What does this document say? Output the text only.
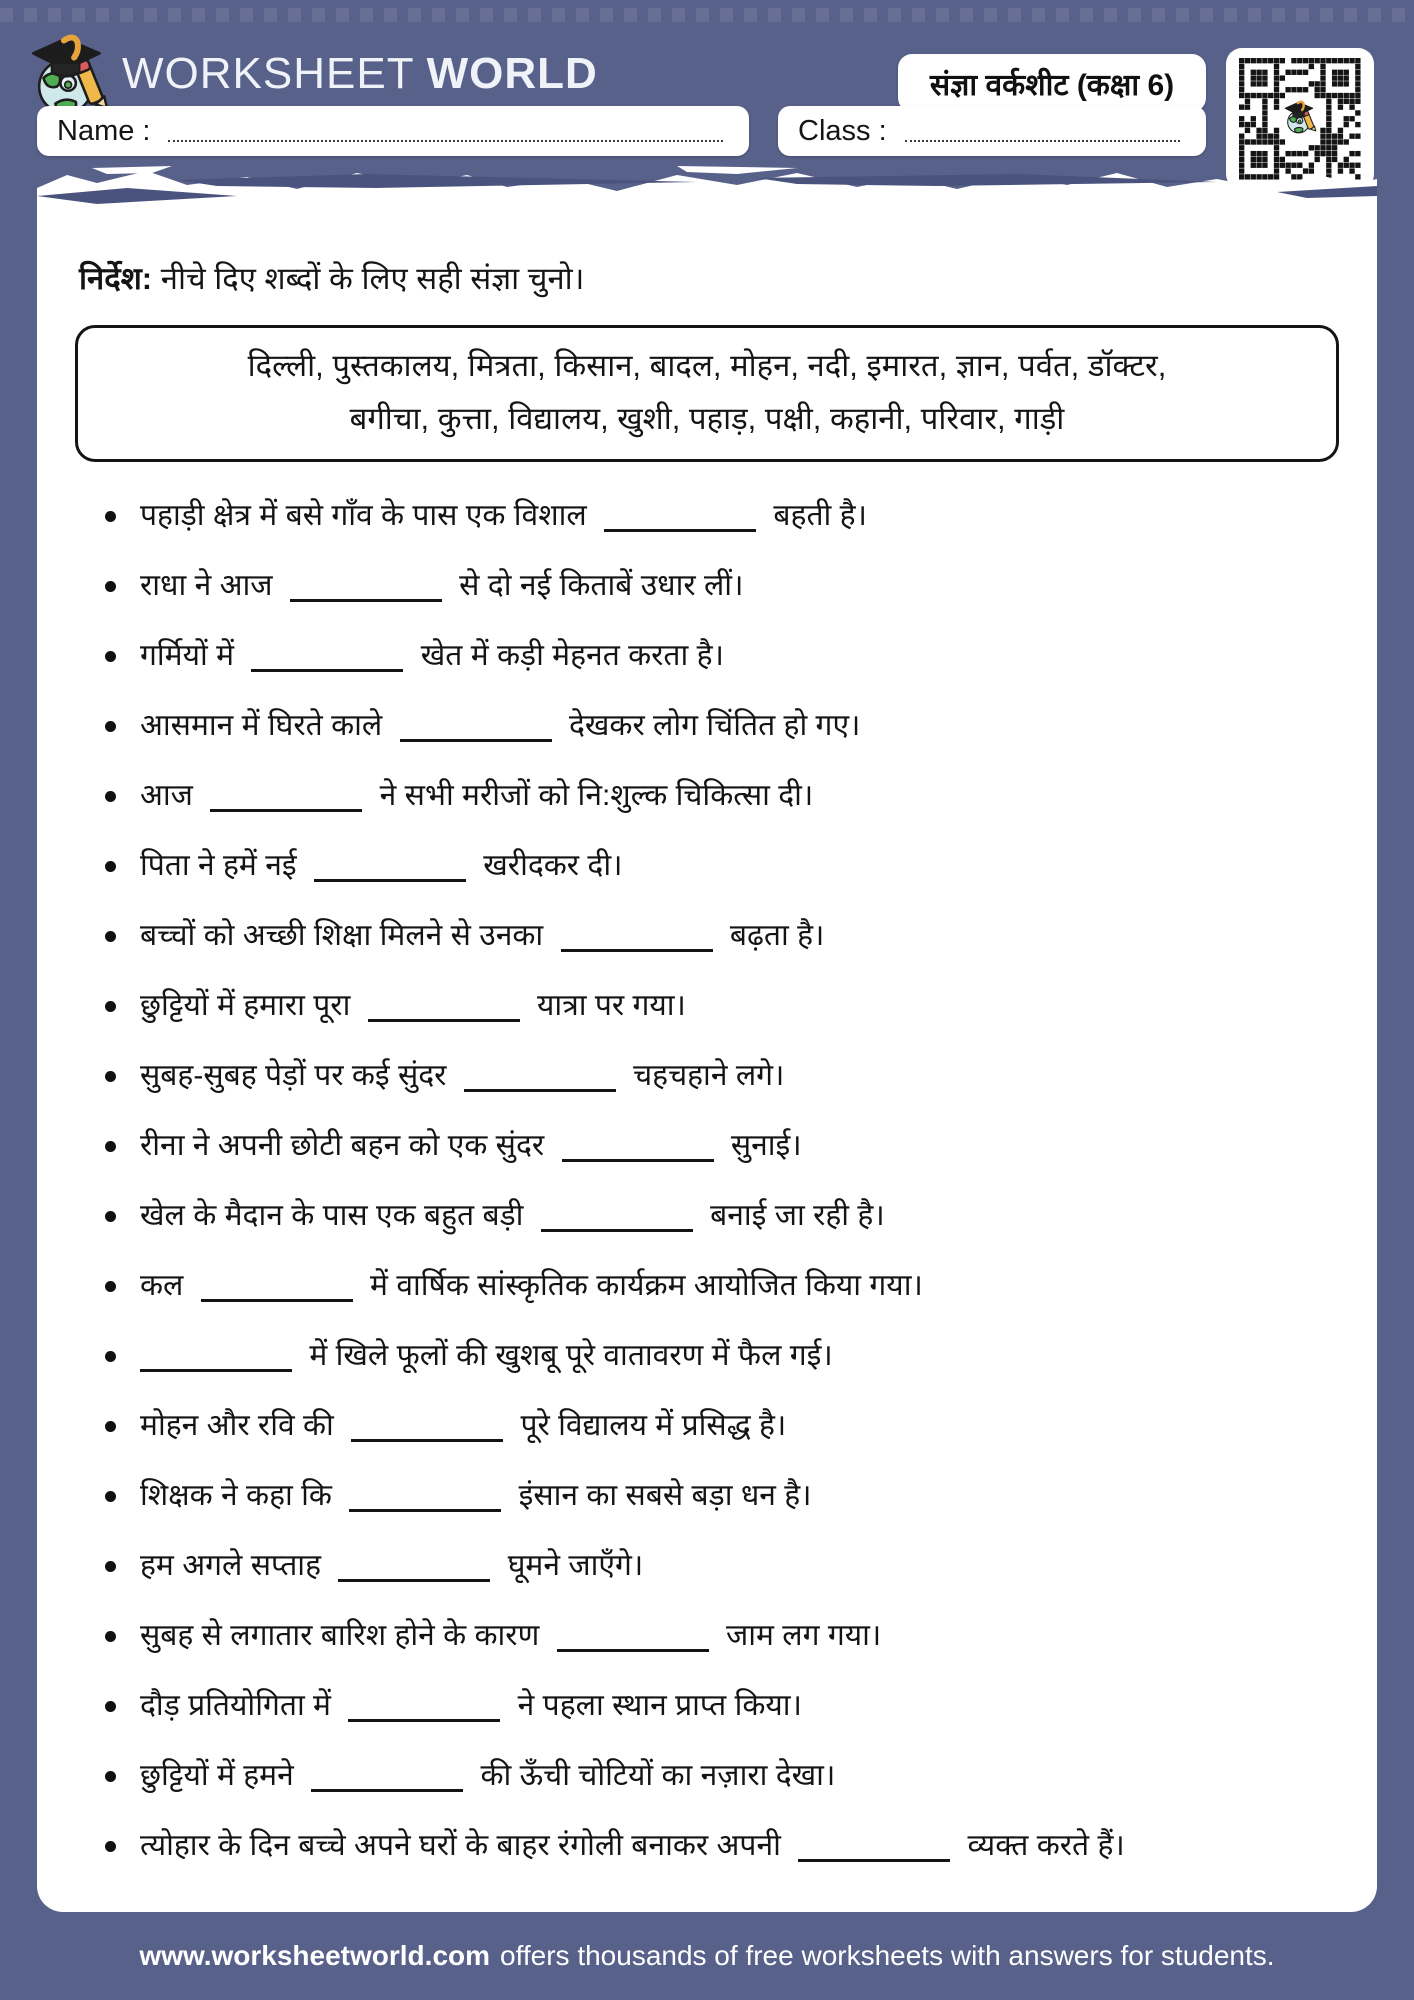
WORKSHEET WORLD	संज्ञा वर्कशीट (कक्षा 6)
Name :	Class :

निर्देश: नीचे दिए शब्दों के लिए सही संज्ञा चुनो।

दिल्ली, पुस्तकालय, मित्रता, किसान, बादल, मोहन, नदी, इमारत, ज्ञान, पर्वत, डॉक्टर,
बगीचा, कुत्ता, विद्यालय, खुशी, पहाड़, पक्षी, कहानी, परिवार, गाड़ी
पहाड़ी क्षेत्र में बसे गाँव के पास एक विशाल	बहती है।
राधा ने आज	से दो नई किताबें उधार लीं।
गर्मियों में	खेत में कड़ी मेहनत करता है।
आसमान में घिरते काले	देखकर लोग चिंतित हो गए।
आज	ने सभी मरीजों को नि:शुल्क चिकित्सा दी।
पिता ने हमें नई	खरीदकर दी।
बच्चों को अच्छी शिक्षा मिलने से उनका	बढ़ता है।
छुट्टियों में हमारा पूरा	यात्रा पर गया।
सुबह-सुबह पेड़ों पर कई सुंदर	चहचहाने लगे।
रीना ने अपनी छोटी बहन को एक सुंदर	सुनाई।
खेल के मैदान के पास एक बहुत बड़ी	बनाई जा रही है।
कल	में वार्षिक सांस्कृतिक कार्यक्रम आयोजित किया गया।
में खिले फूलों की खुशबू पूरे वातावरण में फैल गई।
मोहन और रवि की	पूरे विद्यालय में प्रसिद्ध है।
शिक्षक ने कहा कि	इंसान का सबसे बड़ा धन है।
हम अगले सप्ताह	घूमने जाएँगे।
सुबह से लगातार बारिश होने के कारण	जाम लग गया।
दौड़ प्रतियोगिता में	ने पहला स्थान प्राप्त किया।
छुट्टियों में हमने	की ऊँची चोटियों का नज़ारा देखा।
त्योहार के दिन बच्चे अपने घरों के बाहर रंगोली बनाकर अपनी	व्यक्त करते हैं।
www.worksheetworld.com offers thousands of free worksheets with answers for students.
